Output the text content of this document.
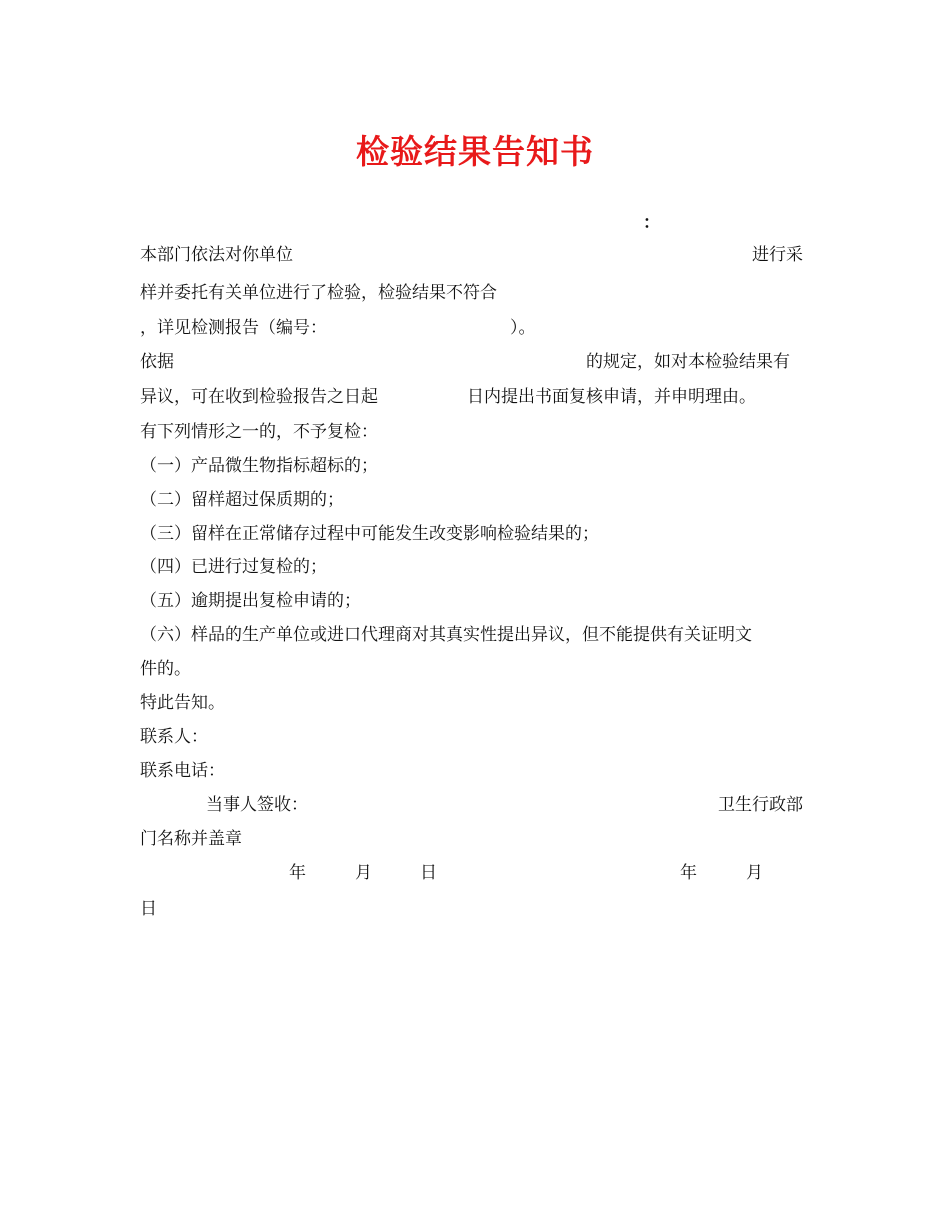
检验结果告知书
：
本部门依法对你单位	进行采
样并委托有关单位进行了检验，检验结果不符合
，详见检测报告（编号：	）。
依据	的规定，如对本检验结果有
异议，可在收到检验报告之日起	日内提出书面复核申请，并申明理由。
有下列情形之一的，不予复检：
（一）产品微生物指标超标的；
（二）留样超过保质期的；
（三）留样在正常储存过程中可能发生改变影响检验结果的；
（四）已进行过复检的；
（五）逾期提出复检申请的；
（六）样品的生产单位或进口代理商对其真实性提出异议，但不能提供有关证明文
件的。
特此告知。
联系人：
联系电话：
当事人签收：	卫生行政部
门名称并盖章
年	月	日	年	月
日
